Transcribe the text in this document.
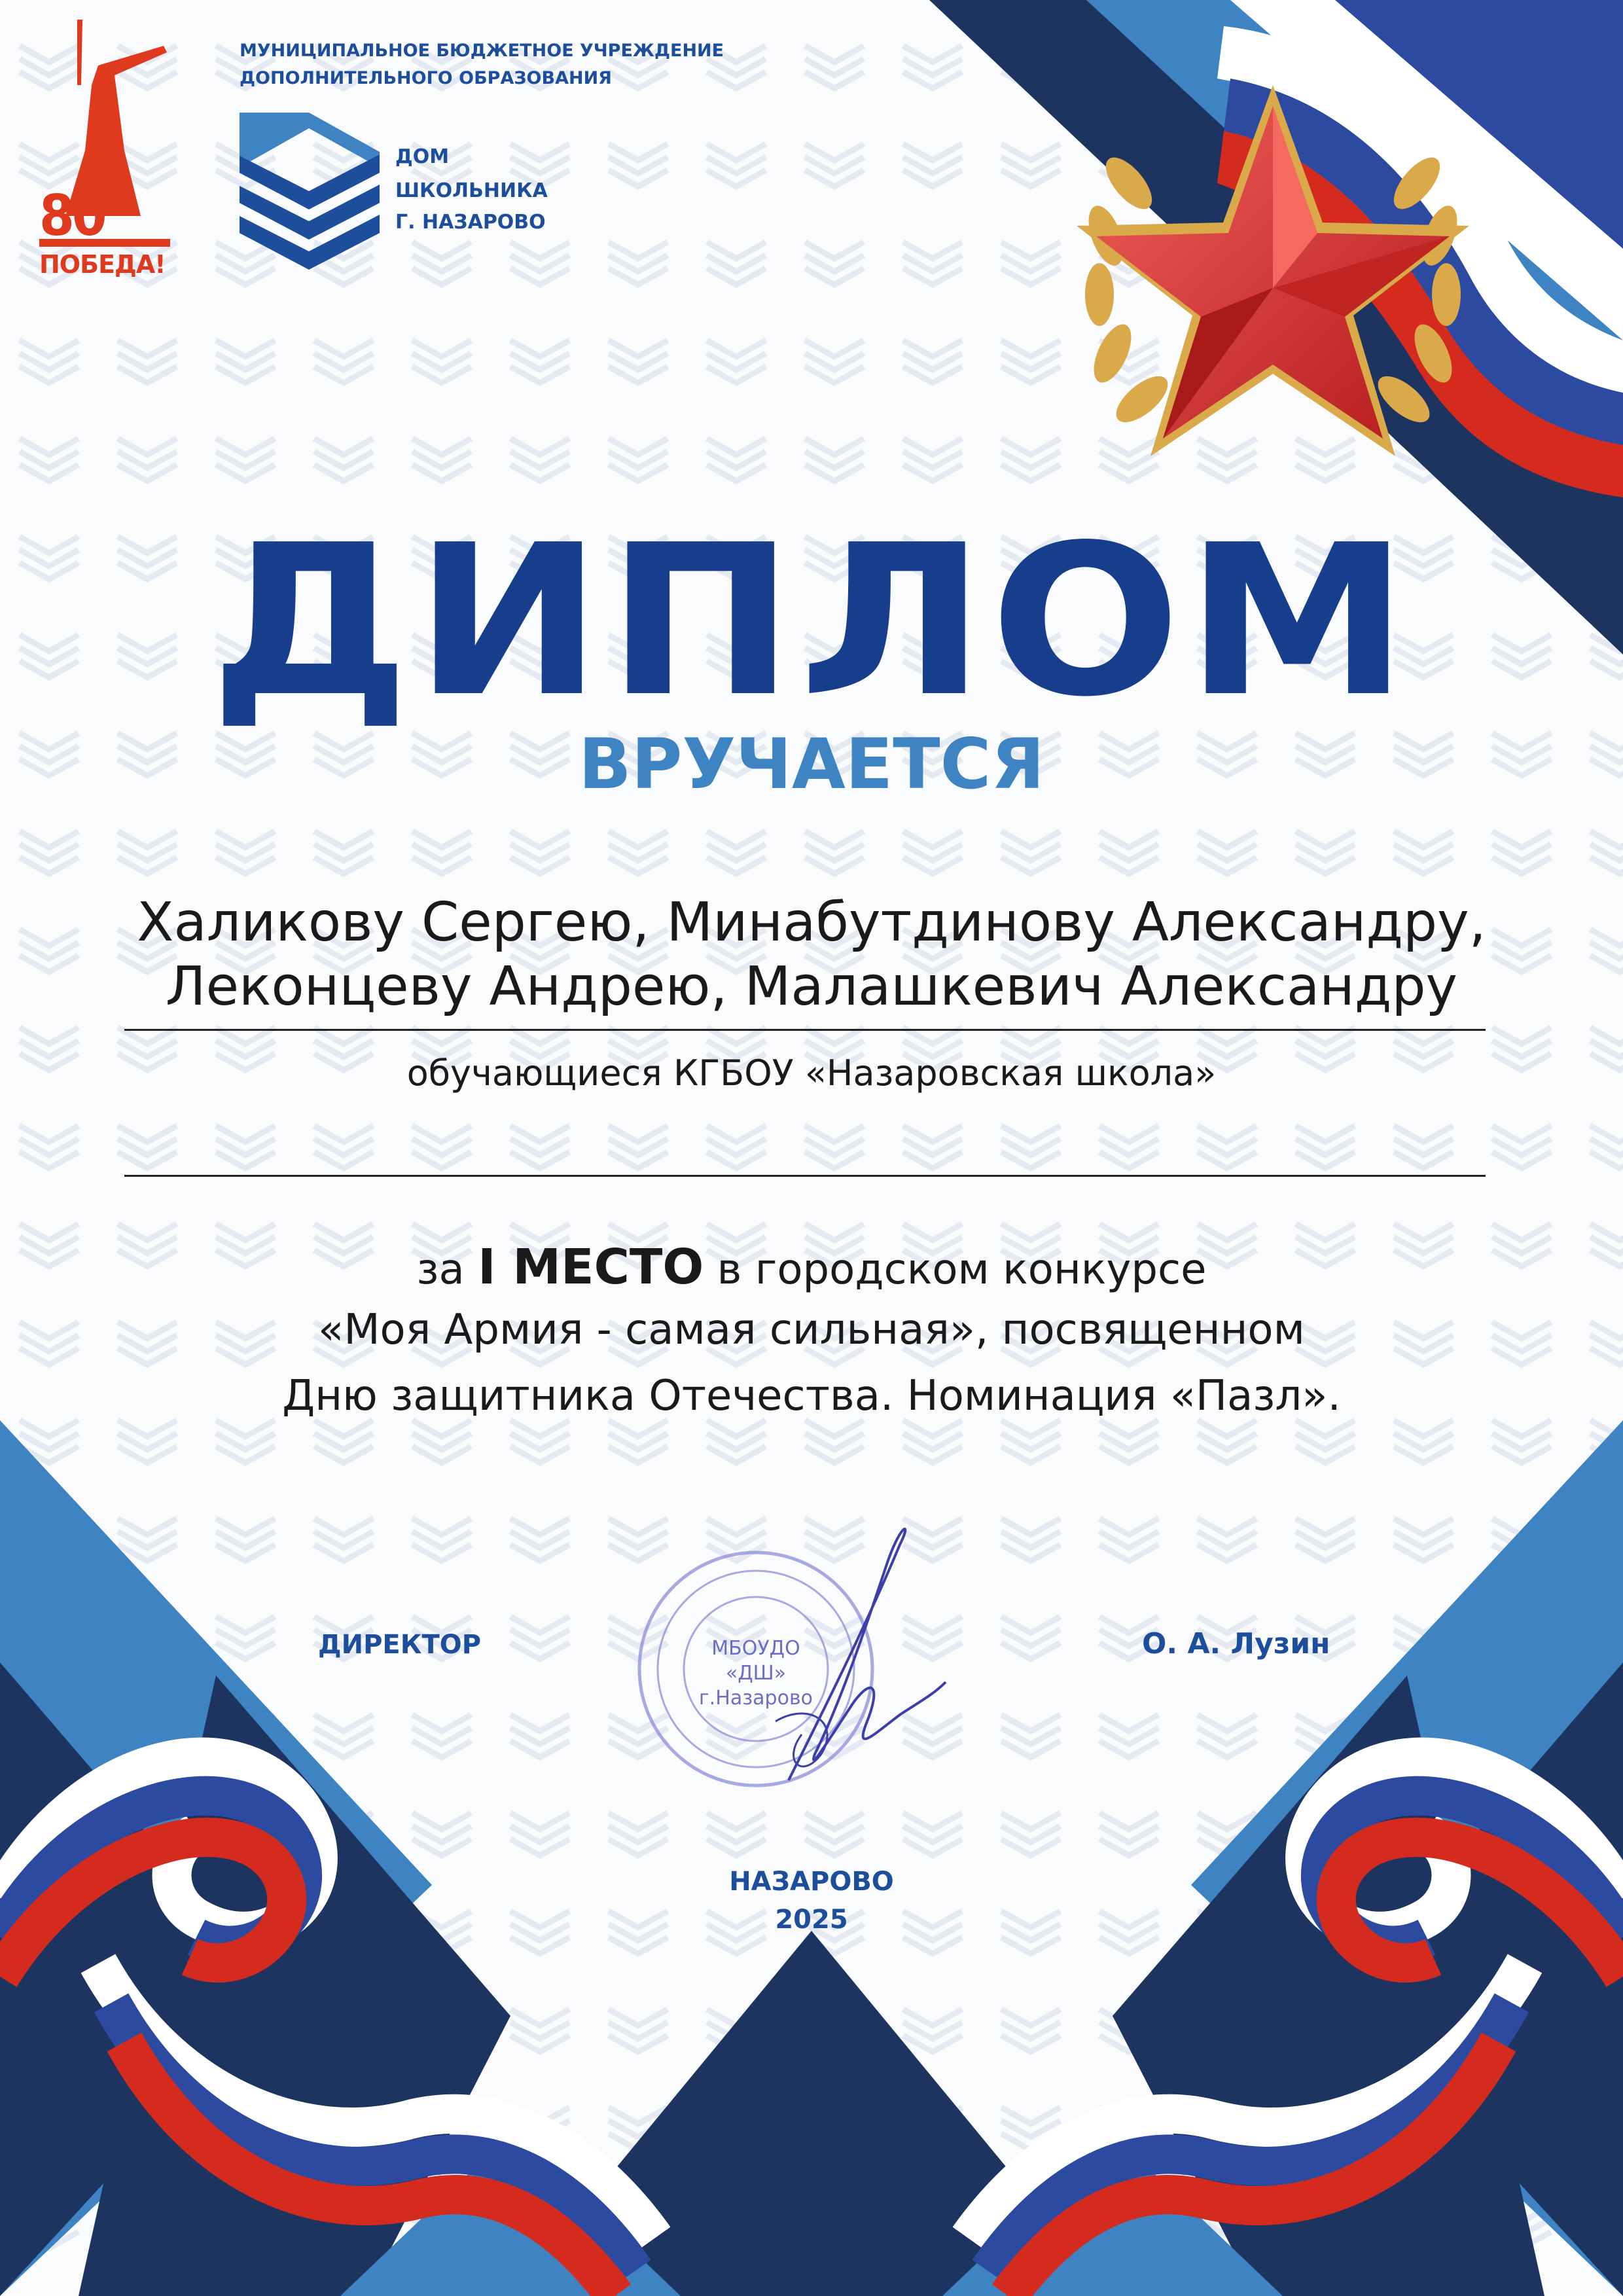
МУНИЦИПАЛЬНОЕ БЮДЖЕТНОЕ УЧРЕЖДЕНИЕ
ДОПОЛНИТЕЛЬНОГО ОБРАЗОВАНИЯ
ДОМ
ШКОЛЬНИКА
Г. НАЗАРОВО
80
ПОБЕДА!
ДИПЛОМ
ВРУЧАЕТСЯ
Халикову Сергею, Минабутдинову Александру,
Леконцеву Андрею, Малашкевич Александру
обучающиеся КГБОУ «Назаровская школа»
за I МЕСТО в городском конкурсе
«Моя Армия - самая сильная», посвященном
Дню защитника Отечества. Номинация «Пазл».
МБОУДО
«ДШ»
г.Назарово
ДИРЕКТОР	О. А. Лузин
НАЗАРОВО
2025
